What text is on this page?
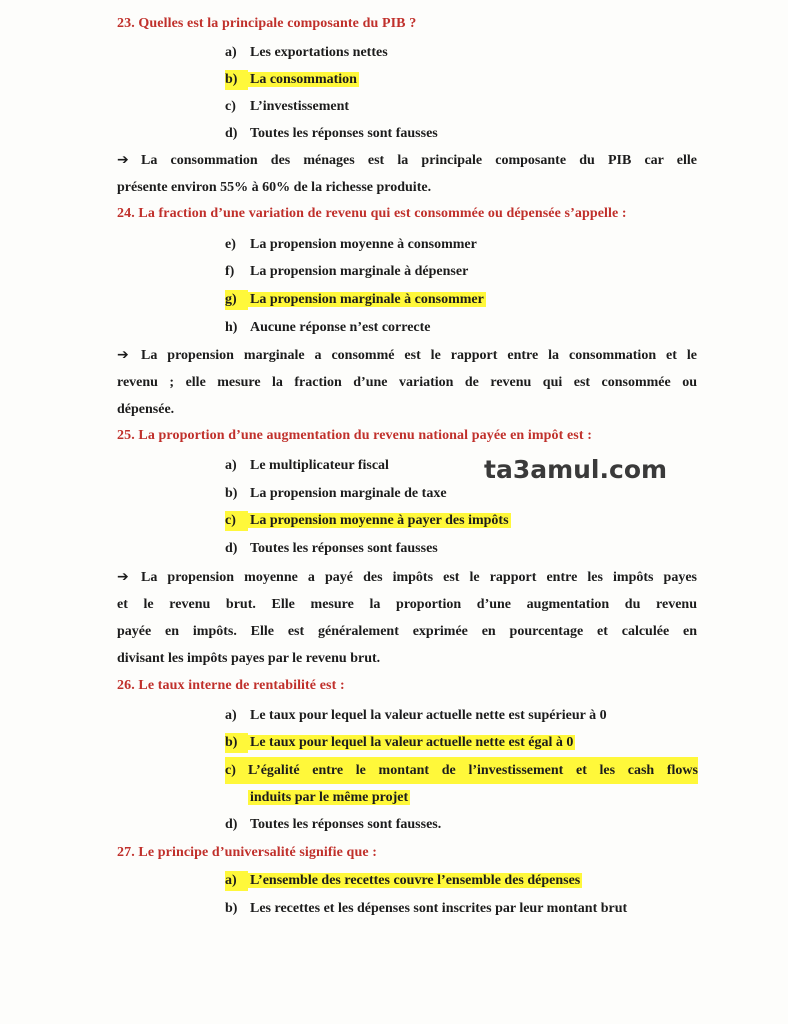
23. Quelles est la principale composante du PIB ?
a) Les exportations nettes
b) La consommation
c) L’investissement
d) Toutes les réponses sont fausses
➔ La consommation des ménages est la principale composante du PIB car elle
présente environ 55% à 60% de la richesse produite.
24. La fraction d’une variation de revenu qui est consommée ou dépensée s’appelle :
e) La propension moyenne à consommer
f) La propension marginale à dépenser
g) La propension marginale à consommer
h) Aucune réponse n’est correcte
➔ La propension marginale a consommé est le rapport entre la consommation et le
revenu ; elle mesure la fraction d’une variation de revenu qui est consommée ou
dépensée.
25. La proportion d’une augmentation du revenu national payée en impôt est :
a) Le multiplicateur fiscal
b) La propension marginale de taxe
c) La propension moyenne à payer des impôts
d) Toutes les réponses sont fausses
➔ La propension moyenne a payé des impôts est le rapport entre les impôts payes
et le revenu brut. Elle mesure la proportion d’une augmentation du revenu
payée en impôts. Elle est généralement exprimée en pourcentage et calculée en
divisant les impôts payes par le revenu brut.
26. Le taux interne de rentabilité est :
a) Le taux pour lequel la valeur actuelle nette est supérieur à 0
b) Le taux pour lequel la valeur actuelle nette est égal à 0
c) L’égalité entre le montant de l’investissement et les cash flows
induits par le même projet
d) Toutes les réponses sont fausses.
27. Le principe d’universalité signifie que :
a) L’ensemble des recettes couvre l’ensemble des dépenses
b) Les recettes et les dépenses sont inscrites par leur montant brut
ta3amul.com
